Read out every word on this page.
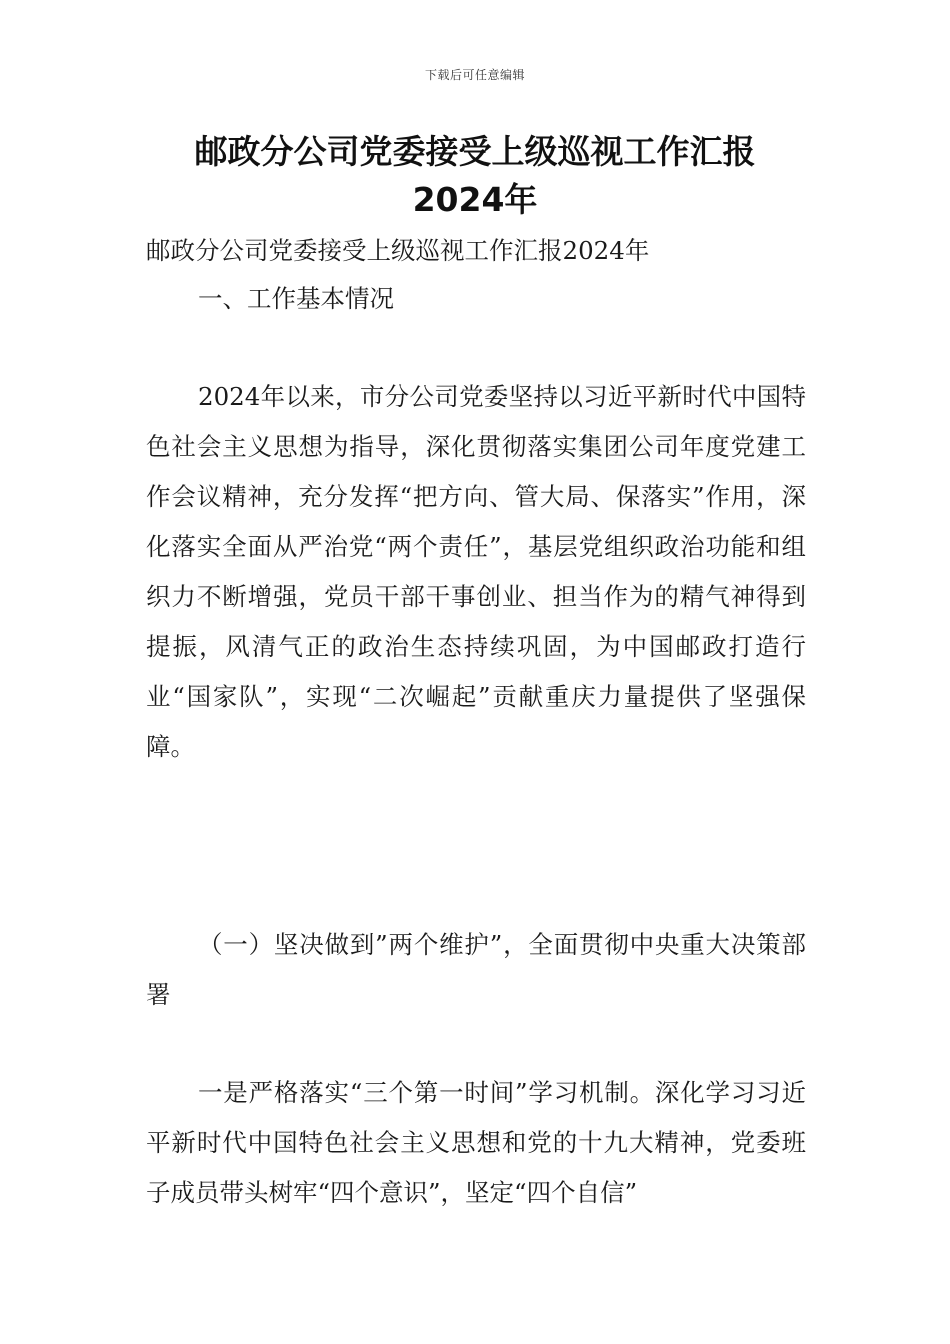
下载后可任意编辑
邮政分公司党委接受上级巡视工作汇报
2024年
邮政分公司党委接受上级巡视工作汇报2024年
一、工作基本情况
2024年以来，市分公司党委坚持以习近平新时代中国特色社会主义思想为指导，深化贯彻落实集团公司年度党建工作会议精神，充分发挥“把方向、管大局、保落实”作用，深化落实全面从严治党“两个责任”，基层党组织政治功能和组织力不断增强，党员干部干事创业、担当作为的精气神得到提振，风清气正的政治生态持续巩固，为中国邮政打造行业“国家队”，实现“二次崛起”贡献重庆力量提供了坚强保障。
（一）坚决做到”两个维护”，全面贯彻中央重大决策部署
一是严格落实“三个第一时间”学习机制。深化学习习近平新时代中国特色社会主义思想和党的十九大精神，党委班子成员带头树牢“四个意识”，坚定“四个自信”
